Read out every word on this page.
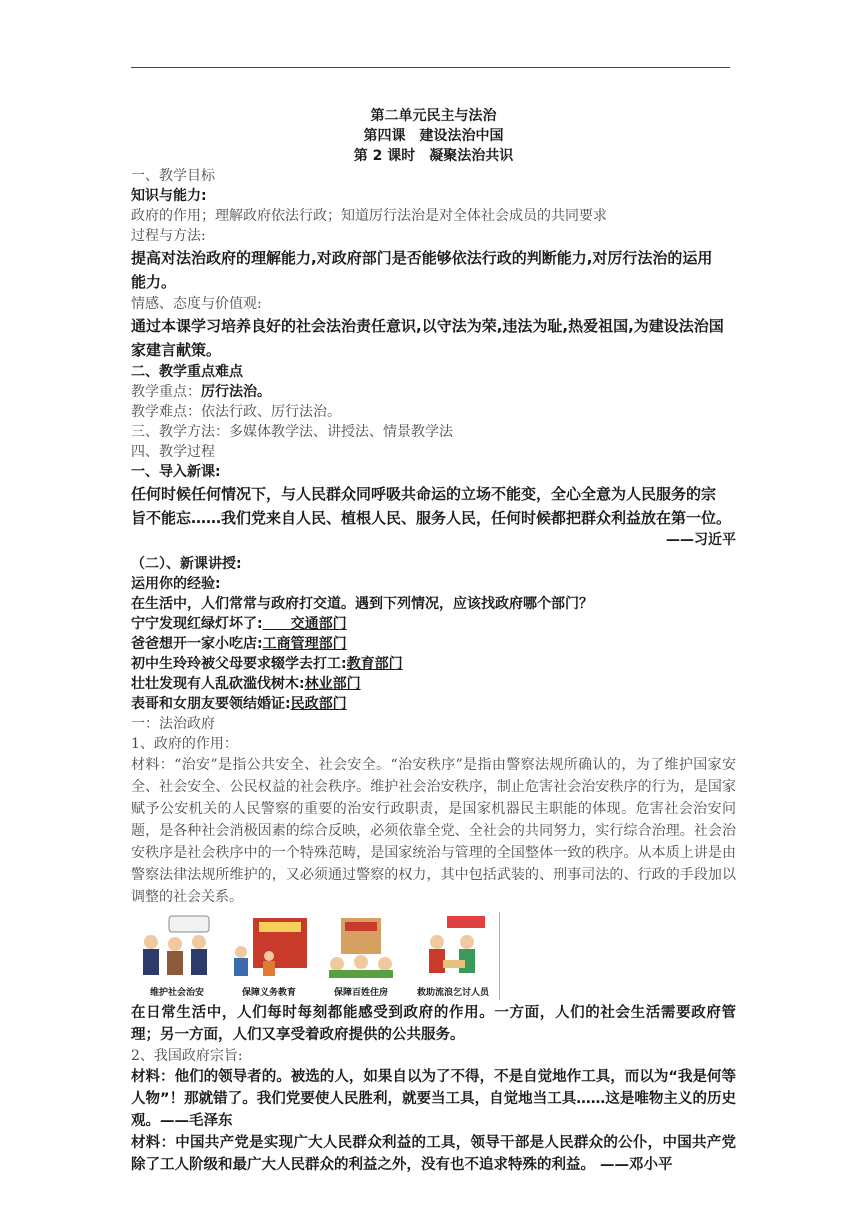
第二单元民主与法治
第四课　建设法治中国
第 2 课时　凝聚法治共识
一、教学目标
知识与能力:
政府的作用；理解政府依法行政；知道厉行法治是对全体社会成员的共同要求
过程与方法:
提高对法治政府的理解能力,对政府部门是否能够依法行政的判断能力,对厉行法治的运用
能力。
情感、态度与价值观:
通过本课学习培养良好的社会法治责任意识,以守法为荣,违法为耻,热爱祖国,为建设法治国
家建言献策。
二、教学重点难点
教学重点：厉行法治。
教学难点：依法行政、厉行法治。
三、教学方法：多媒体教学法、讲授法、情景教学法
四、教学过程
一、导入新课:
任何时候任何情况下，与人民群众同呼吸共命运的立场不能变，全心全意为人民服务的宗
旨不能忘……我们党来自人民、植根人民、服务人民，任何时候都把群众利益放在第一位。
——习近平
（二）、新课讲授:
运用你的经验:
在生活中，人们常常与政府打交道。遇到下列情况，应该找政府哪个部门？
宁宁发现红绿灯坏了:　　交通部门
爸爸想开一家小吃店:工商管理部门
初中生玲玲被父母要求辍学去打工:教育部门
壮壮发现有人乱砍滥伐树木:林业部门
表哥和女朋友要领结婚证:民政部门
一：法治政府
1、政府的作用：
材料：“治安”是指公共安全、社会安全。“治安秩序”是指由警察法规所确认的，为了维护国家安全、社会安全、公民权益的社会秩序。维护社会治安秩序，制止危害社会治安秩序的行为，是国家赋予公安机关的人民警察的重要的治安行政职责，是国家机器民主职能的体现。危害社会治安问题，是各种社会消极因素的综合反映，必须依靠全党、全社会的共同努力，实行综合治理。社会治安秩序是社会秩序中的一个特殊范畴，是国家统治与管理的全国整体一致的秩序。从本质上讲是由警察法律法规所维护的，又必须通过警察的权力，其中包括武装的、刑事司法的、行政的手段加以调整的社会关系。
维护社会治安	保障义务教育	保障百姓住房	救助流浪乞讨人员
在日常生活中，人们每时每刻都能感受到政府的作用。一方面，人们的社会生活需要政府管理；另一方面，人们又享受着政府提供的公共服务。
2、我国政府宗旨:
材料：他们的领导者的。被选的人，如果自以为了不得，不是自觉地作工具，而以为“我是何等人物”！那就错了。我们党要使人民胜利，就要当工具，自觉地当工具……这是唯物主义的历史观。——毛泽东
材料：中国共产党是实现广大人民群众利益的工具，领导干部是人民群众的公仆，中国共产党除了工人阶级和最广大人民群众的利益之外，没有也不追求特殊的利益。 ——邓小平
